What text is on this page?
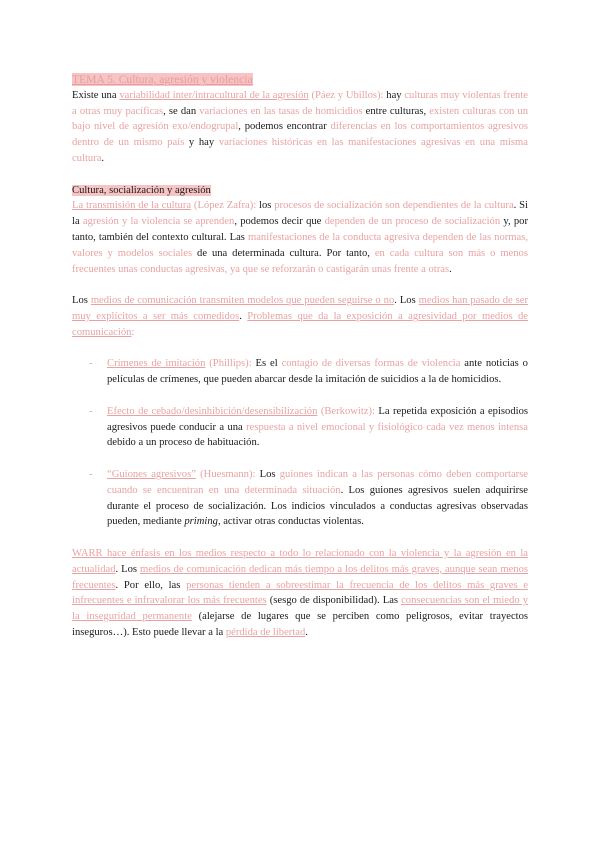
TEMA 5. Cultura, agresión y violencia

Existe una variabilidad inter/intracultural de la agresión (Páez y Ubillos): hay culturas muy violentas frente a otras muy pacíficas, se dan variaciones en las tasas de homicidios entre culturas, existen culturas con un bajo nivel de agresión exo/endogrupal, podemos encontrar diferencias en los comportamientos agresivos dentro de un mismo país y hay variaciones históricas en las manifestaciones agresivas en una misma cultura.

Cultura, socialización y agresión

La transmisión de la cultura (López Zafra): los procesos de socialización son dependientes de la cultura. Si la agresión y la violencia se aprenden, podemos decir que dependen de un proceso de socialización y, por tanto, también del contexto cultural. Las manifestaciones de la conducta agresiva dependen de las normas, valores y modelos sociales de una determinada cultura. Por tanto, en cada cultura son más o menos frecuentes unas conductas agresivas, ya que se reforzarán o castigarán unas frente a otras.

Los medios de comunicación transmiten modelos que pueden seguirse o no. Los medios han pasado de ser muy explícitos a ser más comedidos. Problemas que da la exposición a agresividad por medios de comunicación:

- Crímenes de imitación (Phillips): Es el contagio de diversas formas de violencia ante noticias o películas de crímenes, que pueden abarcar desde la imitación de suicidios a la de homicidios.
- Efecto de cebado/desinhibición/desensibilización (Berkowitz): La repetida exposición a episodios agresivos puede conducir a una respuesta a nivel emocional y fisiológico cada vez menos intensa debido a un proceso de habituación.
- “Guiones agresivos” (Huesmann): Los guiones indican a las personas cómo deben comportarse cuando se encuentran en una determinada situación. Los guiones agresivos suelen adquirirse durante el proceso de socialización. Los indicios vinculados a conductas agresivas observadas pueden, mediante priming, activar otras conductas violentas.

WARR hace énfasis en los medios respecto a todo lo relacionado con la violencia y la agresión en la actualidad. Los medios de comunicación dedican más tiempo a los delitos más graves, aunque sean menos frecuentes. Por ello, las personas tienden a sobreestimar la frecuencia de los delitos más graves e infrecuentes e infravalorar los más frecuentes (sesgo de disponibilidad). Las consecuencias son el miedo y la inseguridad permanente (alejarse de lugares que se perciben como peligrosos, evitar trayectos inseguros…). Esto puede llevar a la pérdida de libertad.
